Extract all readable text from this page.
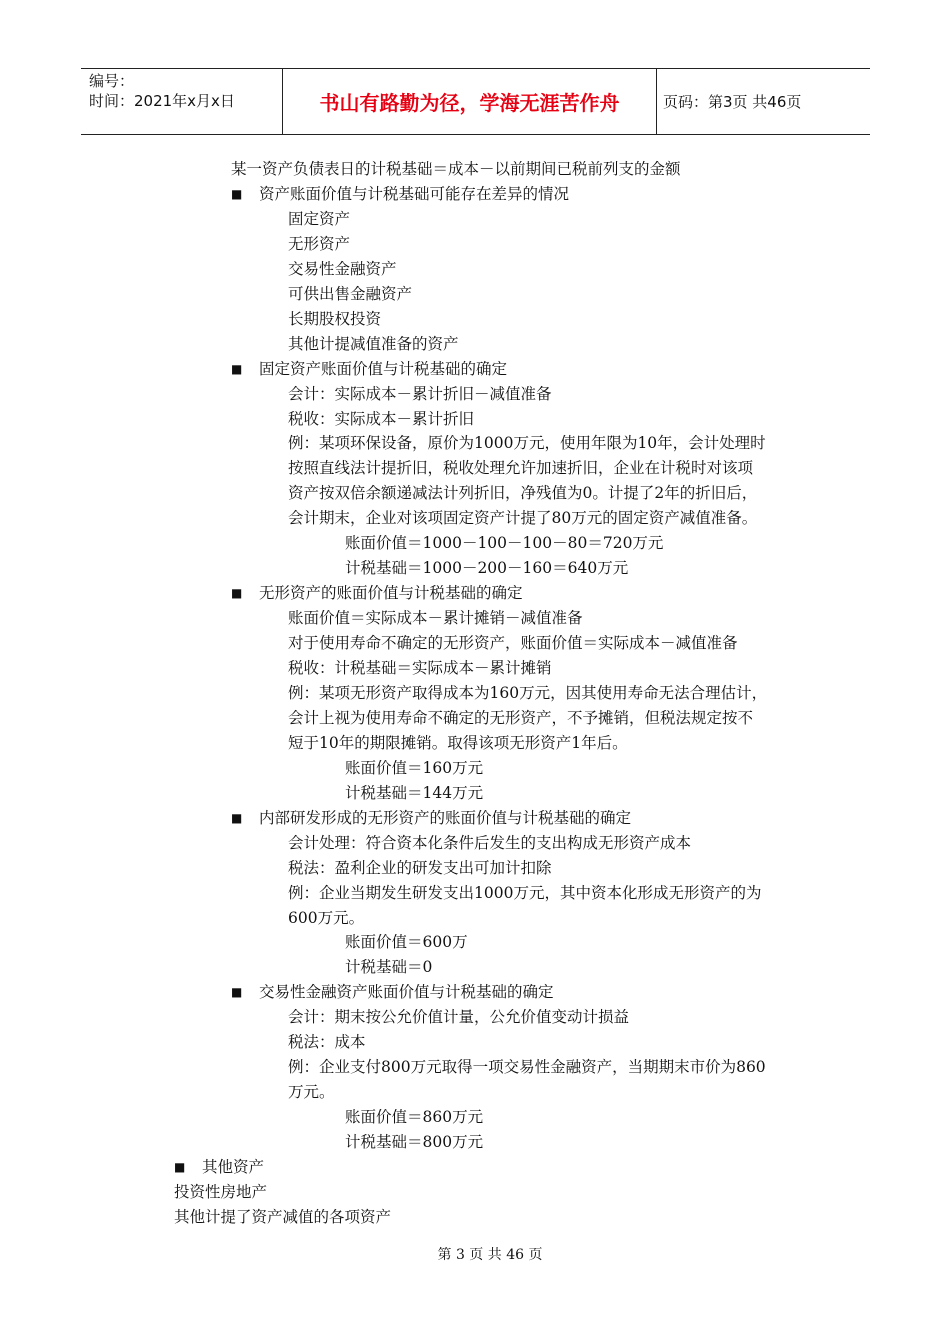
编号：
时间：2021年x月x日	书山有路勤为径，学海无涯苦作舟	页码：第3页 共46页
某一资产负债表日的计税基础＝成本－以前期间已税前列支的金额
■ 资产账面价值与计税基础可能存在差异的情况
固定资产
无形资产
交易性金融资产
可供出售金融资产
长期股权投资
其他计提减值准备的资产
■ 固定资产账面价值与计税基础的确定
会计：实际成本－累计折旧－减值准备
税收：实际成本－累计折旧
例：某项环保设备，原价为1000万元，使用年限为10年，会计处理时
按照直线法计提折旧，税收处理允许加速折旧，企业在计税时对该项
资产按双倍余额递减法计列折旧，净残值为0。计提了2年的折旧后，
会计期末，企业对该项固定资产计提了80万元的固定资产减值准备。
账面价值＝1000－100－100－80＝720万元
计税基础＝1000－200－160＝640万元
■ 无形资产的账面价值与计税基础的确定
账面价值＝实际成本－累计摊销－减值准备
对于使用寿命不确定的无形资产，账面价值＝实际成本－减值准备
税收：计税基础＝实际成本－累计摊销
例：某项无形资产取得成本为160万元，因其使用寿命无法合理估计，
会计上视为使用寿命不确定的无形资产，不予摊销，但税法规定按不
短于10年的期限摊销。取得该项无形资产1年后。
账面价值＝160万元
计税基础＝144万元
■ 内部研发形成的无形资产的账面价值与计税基础的确定
会计处理：符合资本化条件后发生的支出构成无形资产成本
税法：盈利企业的研发支出可加计扣除
例：企业当期发生研发支出1000万元，其中资本化形成无形资产的为
600万元。
账面价值＝600万
计税基础＝0
■ 交易性金融资产账面价值与计税基础的确定
会计：期末按公允价值计量，公允价值变动计损益
税法：成本
例：企业支付800万元取得一项交易性金融资产，当期期末市价为860
万元。
账面价值＝860万元
计税基础＝800万元
■ 其他资产
投资性房地产
其他计提了资产减值的各项资产
第 3 页 共 46 页
